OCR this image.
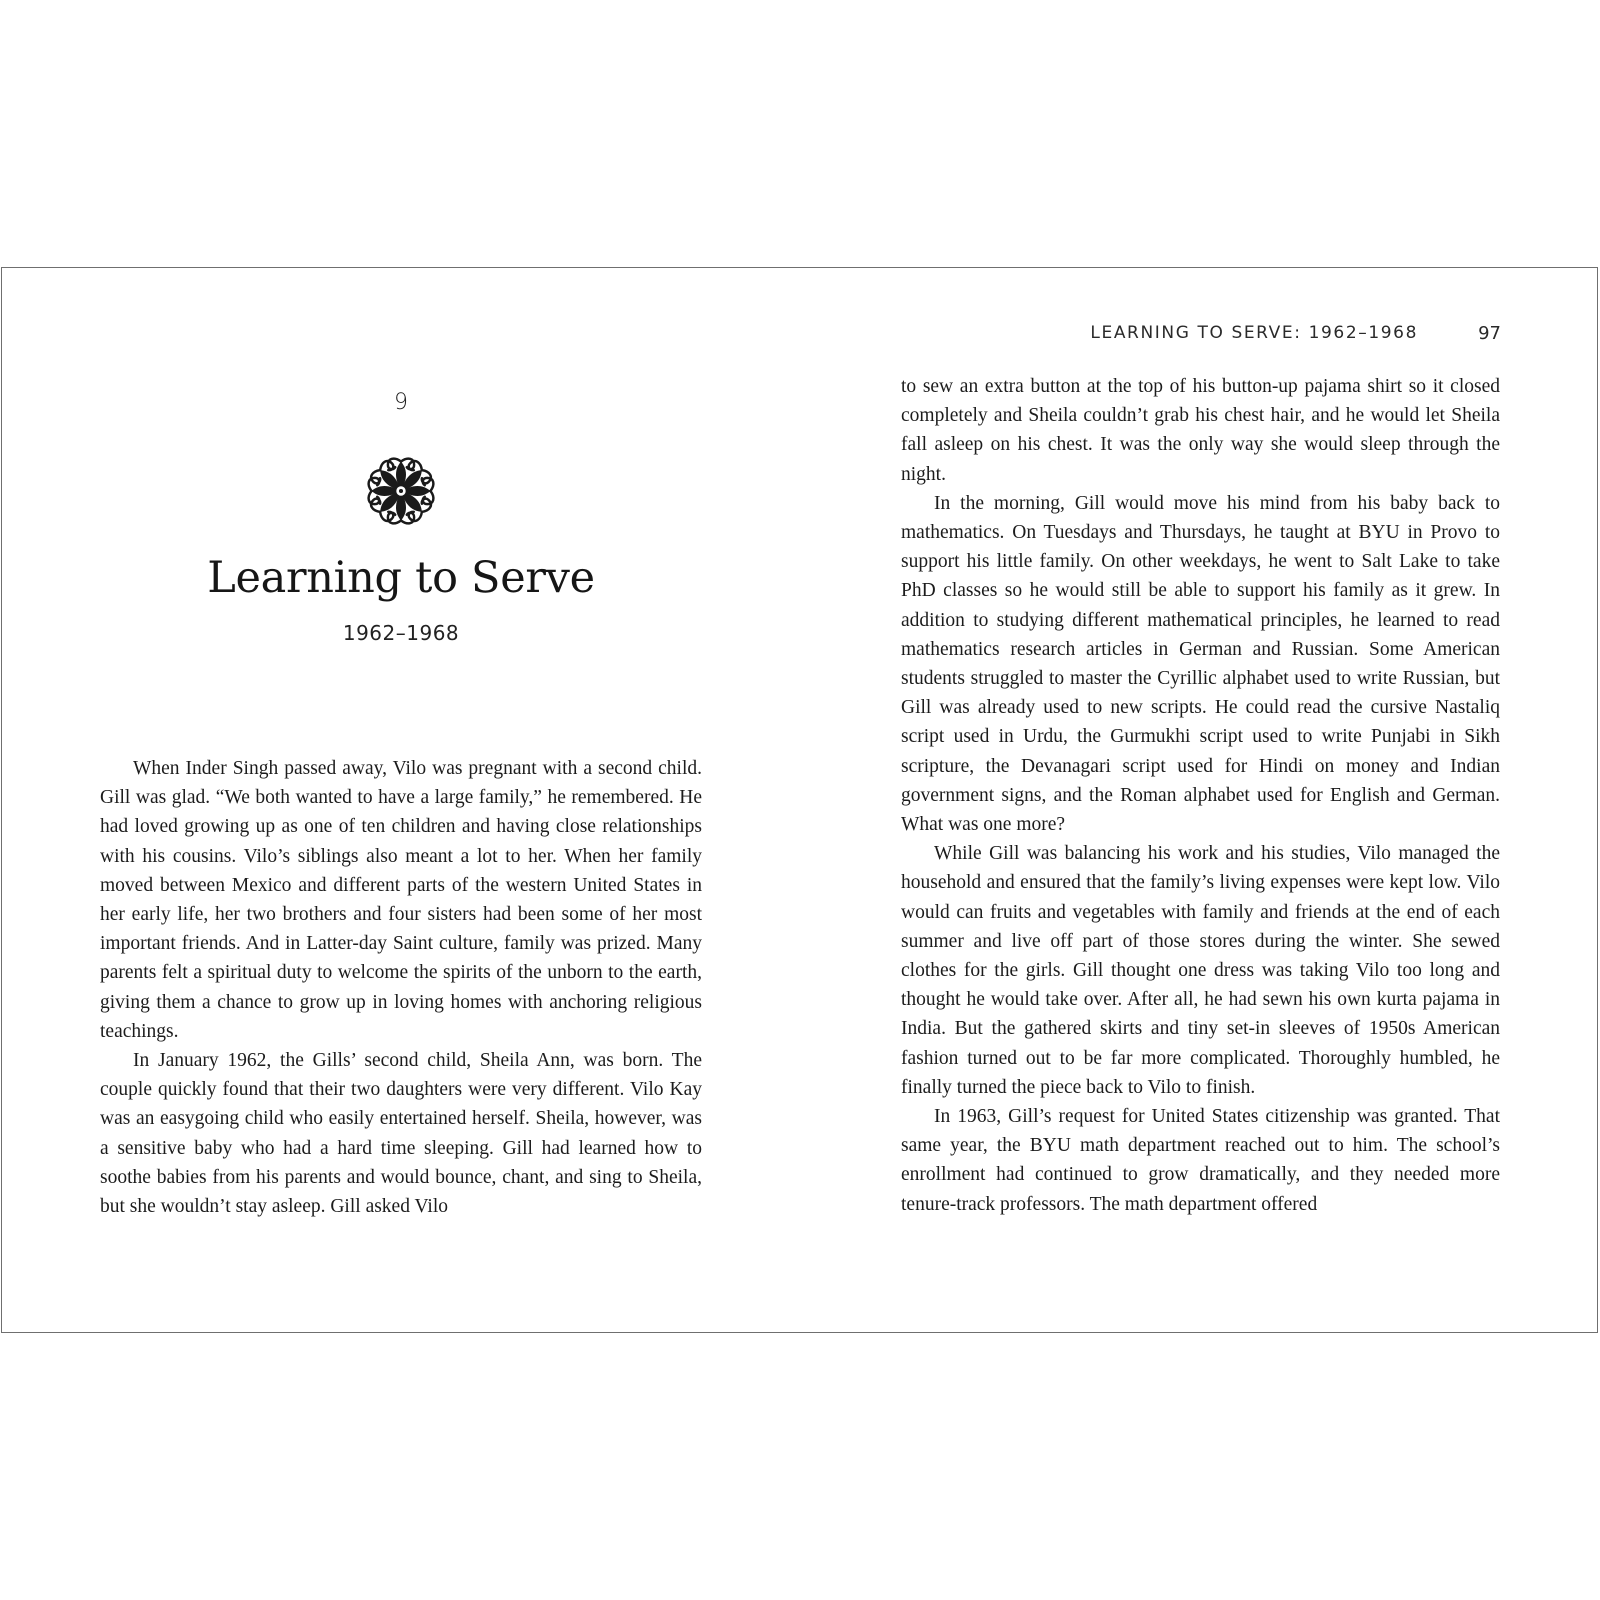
9
Learning to Serve
1962–1968

When Inder Singh passed away, Vilo was pregnant with a second child. Gill was glad. “We both wanted to have a large family,” he remembered. He had loved growing up as one of ten children and having close relationships with his cousins. Vilo’s siblings also meant a lot to her. When her family moved between Mexico and different parts of the western United States in her early life, her two brothers and four sisters had been some of her most important friends. And in Latter-day Saint culture, family was prized. Many parents felt a spiritual duty to welcome the spirits of the unborn to the earth, giving them a chance to grow up in loving homes with anchoring religious teachings.

In January 1962, the Gills’ second child, Sheila Ann, was born. The couple quickly found that their two daughters were very different. Vilo Kay was an easygoing child who easily entertained herself. Sheila, however, was a sensitive baby who had a hard time sleeping. Gill had learned how to soothe babies from his parents and would bounce, chant, and sing to Sheila, but she wouldn’t stay asleep. Gill asked Vilo

LEARNING TO SERVE: 1962–1968	97

to sew an extra button at the top of his button-up pajama shirt so it closed completely and Sheila couldn’t grab his chest hair, and he would let Sheila fall asleep on his chest. It was the only way she would sleep through the night.

In the morning, Gill would move his mind from his baby back to mathematics. On Tuesdays and Thursdays, he taught at BYU in Provo to support his little family. On other weekdays, he went to Salt Lake to take PhD classes so he would still be able to support his family as it grew. In addition to studying different mathematical principles, he learned to read mathematics research articles in German and Russian. Some American students struggled to master the Cyrillic alphabet used to write Russian, but Gill was already used to new scripts. He could read the cursive Nastaliq script used in Urdu, the Gurmukhi script used to write Punjabi in Sikh scripture, the Devanagari script used for Hindi on money and Indian government signs, and the Roman alphabet used for English and German. What was one more?

While Gill was balancing his work and his studies, Vilo managed the household and ensured that the family’s living expenses were kept low. Vilo would can fruits and vegetables with family and friends at the end of each summer and live off part of those stores during the winter. She sewed clothes for the girls. Gill thought one dress was taking Vilo too long and thought he would take over. After all, he had sewn his own kurta pajama in India. But the gathered skirts and tiny set-in sleeves of 1950s American fashion turned out to be far more complicated. Thoroughly humbled, he finally turned the piece back to Vilo to finish.

In 1963, Gill’s request for United States citizenship was granted. That same year, the BYU math department reached out to him. The school’s enrollment had continued to grow dramatically, and they needed more tenure-track professors. The math department offered
